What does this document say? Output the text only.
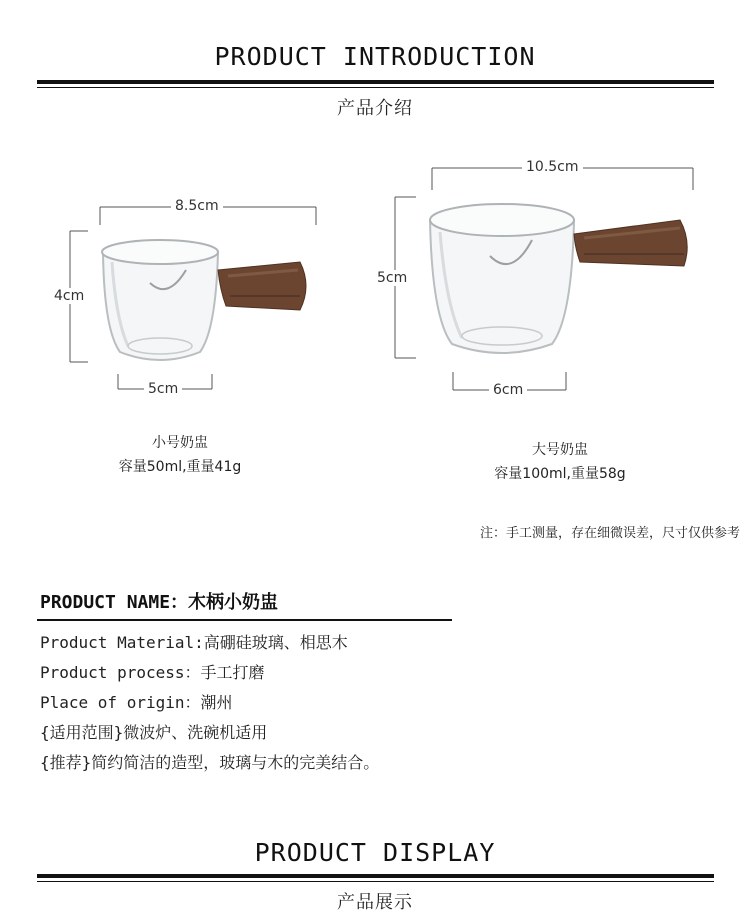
PRODUCT INTRODUCTION
产品介绍
8.5cm
4cm
5cm
小号奶盅
容量50ml,重量41g
10.5cm
5cm
6cm
大号奶盅
容量100ml,重量58g
注：手工测量，存在细微误差，尺寸仅供参考
PRODUCT NAME：木柄小奶盅
Product Material:高硼硅玻璃、相思木
Product process：手工打磨
Place of origin：潮州
{适用范围}微波炉、洗碗机适用
{推荐}简约简洁的造型，玻璃与木的完美结合。
PRODUCT DISPLAY
产品展示
